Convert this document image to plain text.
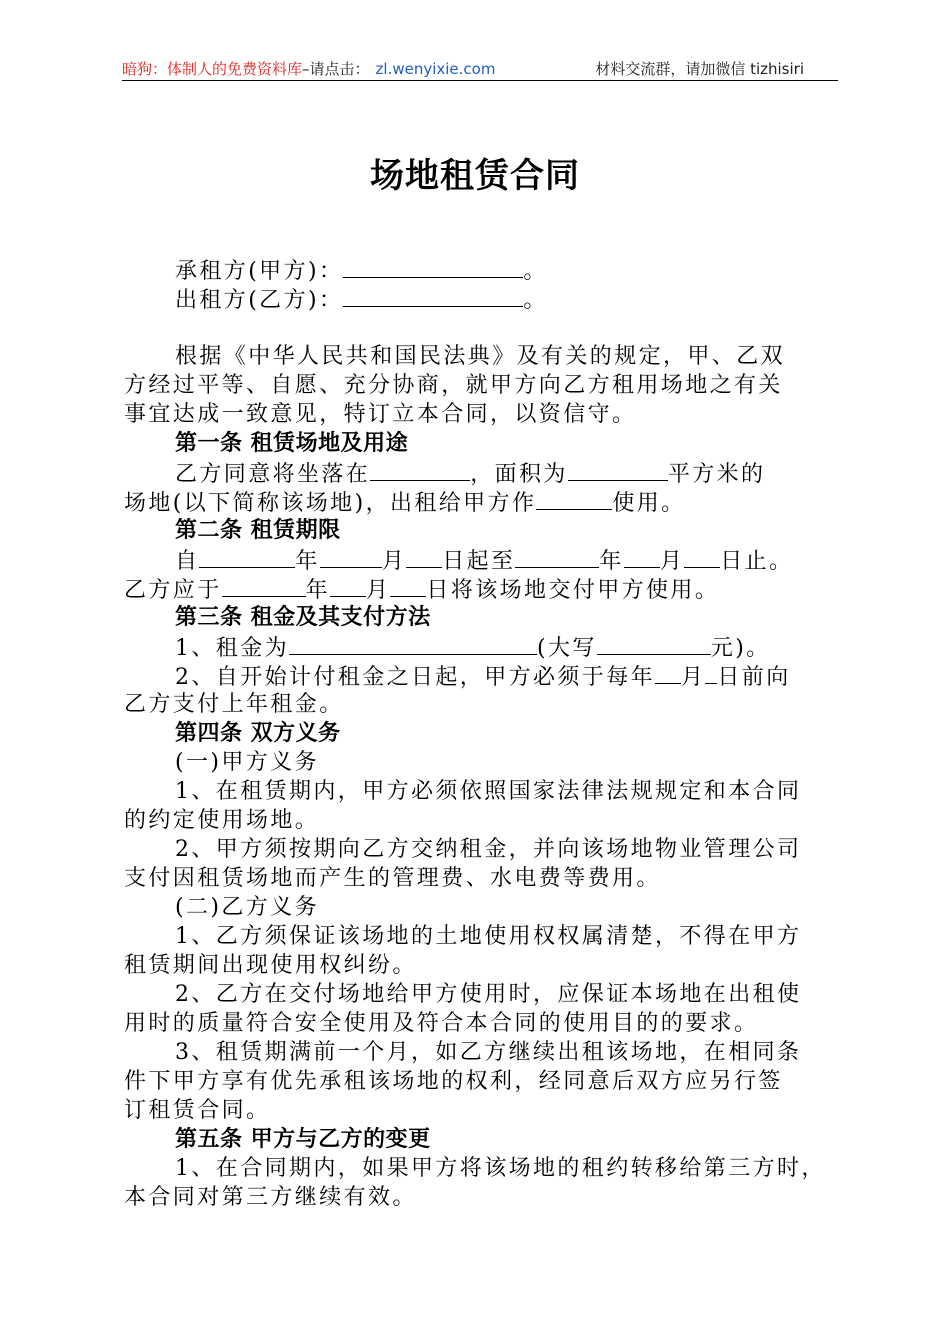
暗狗：体制人的免费资料库–请点击： zl.wenyixie.com	材料交流群，请加微信 tizhisiri
场地租赁合同
承租方(甲方)：	。
出租方(乙方)：	。
根据《中华人民共和国民法典》及有关的规定，甲、乙双
方经过平等、自愿、充分协商，就甲方向乙方租用场地之有关
事宜达成一致意见，特订立本合同，以资信守。
第一条 租赁场地及用途
乙方同意将坐落在	，面积为	平方米的
场地(以下简称该场地)，出租给甲方作	使用。
第二条 租赁期限
自	年	月 日起至	年 月 日止。
乙方应于	年 月 日将该场地交付甲方使用。
第三条 租金及其支付方法
1、租金为	(大写	元)。
2、自开始计付租金之日起，甲方必须于每年 月 日前向
乙方支付上年租金。
第四条 双方义务
(一)甲方义务
1、在租赁期内，甲方必须依照国家法律法规规定和本合同
的约定使用场地。
2、甲方须按期向乙方交纳租金，并向该场地物业管理公司
支付因租赁场地而产生的管理费、水电费等费用。
(二)乙方义务
1、乙方须保证该场地的土地使用权权属清楚，不得在甲方
租赁期间出现使用权纠纷。
2、乙方在交付场地给甲方使用时，应保证本场地在出租使
用时的质量符合安全使用及符合本合同的使用目的的要求。
3、租赁期满前一个月，如乙方继续出租该场地，在相同条
件下甲方享有优先承租该场地的权利，经同意后双方应另行签
订租赁合同。
第五条 甲方与乙方的变更
1、在合同期内，如果甲方将该场地的租约转移给第三方时，
本合同对第三方继续有效。
